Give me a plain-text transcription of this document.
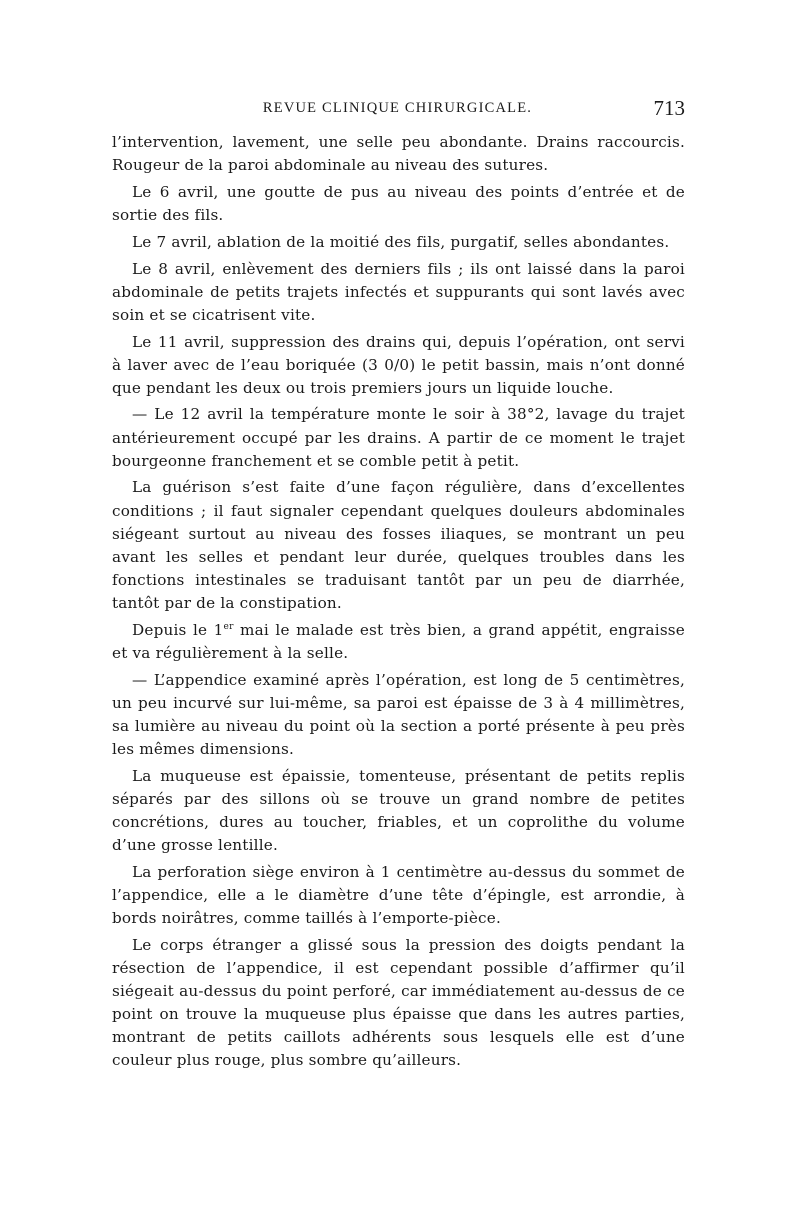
REVUE CLINIQUE CHIRURGICALE.	713

l’intervention, lavement, une selle peu abondante. Drains raccourcis. Rougeur de la paroi abdominale au niveau des sutures.

Le 6 avril, une goutte de pus au niveau des points d’entrée et de sortie des fils.

Le 7 avril, ablation de la moitié des fils, purgatif, selles abondantes.

Le 8 avril, enlèvement des derniers fils ; ils ont laissé dans la paroi abdominale de petits trajets infectés et suppurants qui sont lavés avec soin et se cicatrisent vite.

Le 11 avril, suppression des drains qui, depuis l’opération, ont servi à laver avec de l’eau boriquée (3 0/0) le petit bassin, mais n’ont donné que pendant les deux ou trois premiers jours un liquide louche.

— Le 12 avril la température monte le soir à 38°2, lavage du trajet antérieurement occupé par les drains. A partir de ce moment le trajet bourgeonne franchement et se comble petit à petit.

La guérison s’est faite d’une façon régulière, dans d’excellentes conditions ; il faut signaler cependant quelques douleurs abdominales siégeant surtout au niveau des fosses iliaques, se montrant un peu avant les selles et pendant leur durée, quelques troubles dans les fonctions intestinales se traduisant tantôt par un peu de diarrhée, tantôt par de la constipation.

Depuis le 1er mai le malade est très bien, a grand appétit, engraisse et va régulièrement à la selle.

— L’appendice examiné après l’opération, est long de 5 centimètres, un peu incurvé sur lui-même, sa paroi est épaisse de 3 à 4 millimètres, sa lumière au niveau du point où la section a porté présente à peu près les mêmes dimensions.

La muqueuse est épaissie, tomenteuse, présentant de petits replis séparés par des sillons où se trouve un grand nombre de petites concrétions, dures au toucher, friables, et un coprolithe du volume d’une grosse lentille.

La perforation siège environ à 1 centimètre au-dessus du sommet de l’appendice, elle a le diamètre d’une tête d’épingle, est arrondie, à bords noirâtres, comme taillés à l’emporte-pièce.

Le corps étranger a glissé sous la pression des doigts pendant la résection de l’appendice, il est cependant possible d’affirmer qu’il siégeait au-dessus du point perforé, car immédiatement au-dessus de ce point on trouve la muqueuse plus épaisse que dans les autres parties, montrant de petits caillots adhérents sous lesquels elle est d’une couleur plus rouge, plus sombre qu’ailleurs.
